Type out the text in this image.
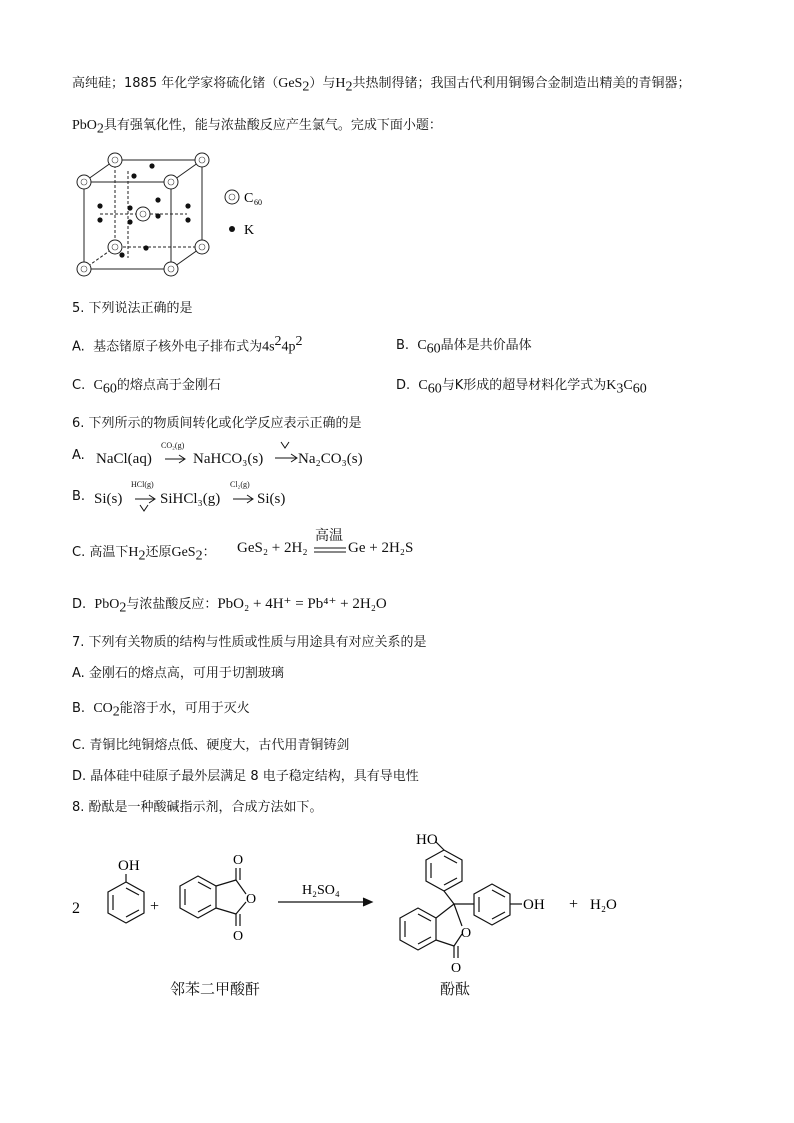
高纯硅；1885 年化学家将硫化锗（GeS$_2$）与$H_2$共热制得锗；我国古代利用铜锡合金制造出精美的青铜器；
PbO$_2$具有强氧化性，能与浓盐酸反应产生氯气。完成下面小题：
C 60
K
5. 下列说法正确的是
A. 基态锗原子核外电子排布式为$4s^24p^2$	B. $C_{60}$晶体是共价晶体
C. $C_{60}$的熔点高于金刚石	D. $C_{60}$与K形成的超导材料化学式为$K_3C_{60}$
6. 下列所示的物质间转化或化学反应表示正确的是
A. NaCl(aq)
CO₂(g)
NaHCO₃(s) Na₂CO₃(s)
B. Si(s)
HCl(g)
SiHCl₃(g)
Cl₂(g)
Si(s)
C. 高温下$H_2$还原GeS$_2$： GeS₂ + 2H₂
高温
Ge + 2H₂S
D. PbO$_2$与浓盐酸反应：PbO₂ + 4H⁺ = Pb⁴⁺ + 2H₂O
7. 下列有关物质的结构与性质或性质与用途具有对应关系的是
A. 金刚石的熔点高，可用于切割玻璃
B. $CO_2$能溶于水，可用于灭火
C. 青铜比纯铜熔点低、硬度大，古代用青铜铸剑
D. 晶体硅中硅原子最外层满足 8 电子稳定结构，具有导电性
8. 酚酞是一种酸碱指示剂，合成方法如下。
2
OH
+
O
O
O
H₂SO₄
HO
OH
O
O
+ H₂O
邻苯二甲酸酐	酚酞
